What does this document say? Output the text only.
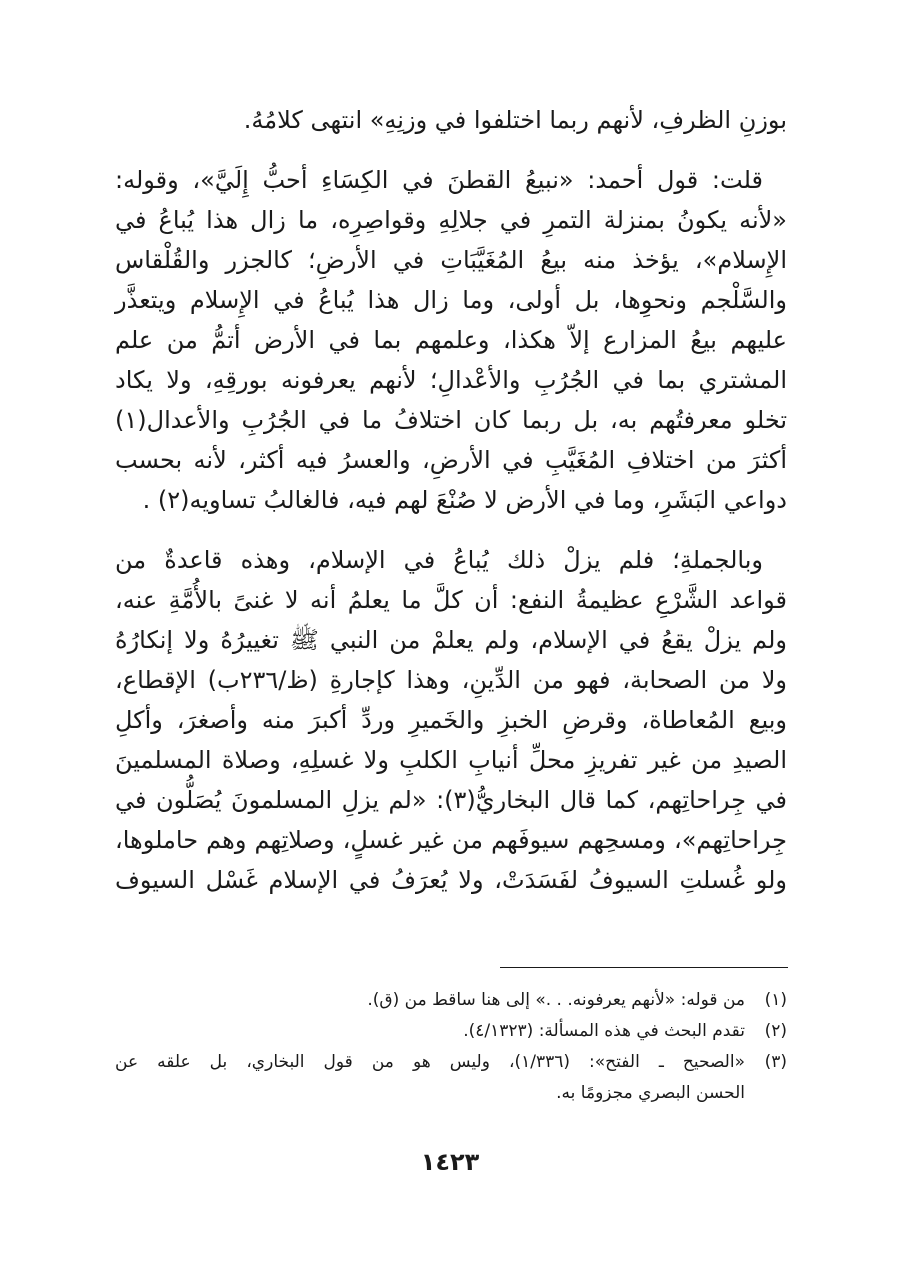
بوزنِ الظرفِ، لأنهم ربما اختلفوا في وزنِهِ» انتهى كلامُهُ.
قلت: قول أحمد: «نبيعُ القطنَ في الكِسَاءِ أحبُّ إِلَيَّ»، وقوله:
«لأنه يكونُ بمنزلة التمرِ في جلالِهِ وقواصِرِه، ما زال هذا يُباعُ في
الإِسلام»، يؤخذ منه بيعُ المُغَيَّبَاتِ في الأرضِ؛ كالجزر والقُلْقاس
والسَّلْجم ونحوِها، بل أولى، وما زال هذا يُباعُ في الإِسلام ويتعذَّر
عليهم بيعُ المزارع إلاّ هكذا، وعلمهم بما في الأرض أتمُّ من علم
المشتري بما في الجُرُبِ والأعْدالِ؛ لأنهم يعرفونه بورقِهِ، ولا يكاد
تخلو معرفتُهم به، بل ربما كان اختلافُ ما في الجُرُبِ والأعدال(١)
أكثرَ من اختلافِ المُغَيَّبِ في الأرضِ، والعسرُ فيه أكثر، لأنه بحسب
دواعي البَشَرِ، وما في الأرض لا صُنْعَ لهم فيه، فالغالبُ تساويه(٢) .
وبالجملةِ؛ فلم يزلْ ذلك يُباعُ في الإسلام، وهذه قاعدةٌ من
قواعد الشَّرْعِ عظيمةُ النفع: أن كلَّ ما يعلمُ أنه لا غنىً بالأُمَّةِ عنه،
ولم يزلْ يقعُ في الإسلام، ولم يعلمْ من النبي ﷺ تغييرُهُ ولا إنكارُهُ
ولا من الصحابة، فهو من الدِّينِ، وهذا كإجارةِ (ظ/٢٣٦ب) الإقطاع،
وبيع المُعاطاة، وقرضِ الخبزِ والخَميرِ وردِّ أكبرَ منه وأصغرَ، وأكلِ
الصيدِ من غير تفريزِ محلِّ أنيابِ الكلبِ ولا غسلِهِ، وصلاة المسلمينَ
في جِراحاتِهم، كما قال البخاريُّ(٣): «لم يزلِ المسلمونَ يُصَلُّون في
جِراحاتِهم»، ومسحِهم سيوفَهم من غير غسلٍ، وصلاتِهم وهم حاملوها،
ولو غُسلتِ السيوفُ لفَسَدَتْ، ولا يُعرَفُ في الإسلام غَسْل السيوف
(١)
من قوله: «لأنهم يعرفونه. . .» إلى هنا ساقط من (ق).
(٢)
تقدم البحث في هذه المسألة: (٤/١٣٢٣).
(٣)
«الصحيح ـ الفتح»: (١/٣٣٦)، وليس هو من قول البخاري، بل علقه عن
الحسن البصري مجزومًا به.
١٤٢٣
